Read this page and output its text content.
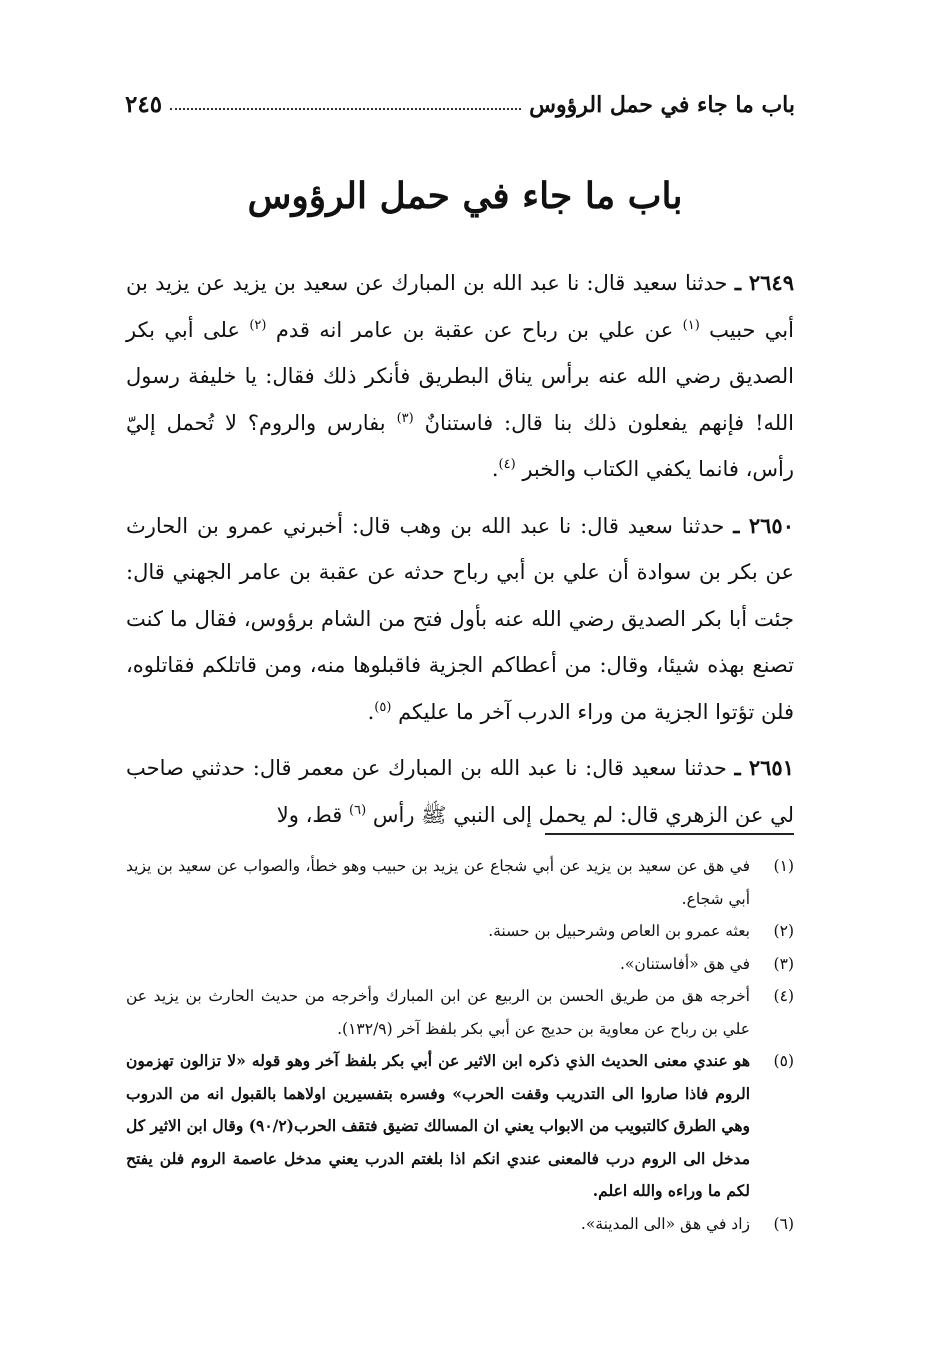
باب ما جاء في حمل الرؤوس
٢٤٥
باب ما جاء في حمل الرؤوس

٢٦٤٩ ـ حدثنا سعيد قال: نا عبد الله بن المبارك عن سعيد بن يزيد عن يزيد بن أبي حبيب $^{(١)}$ عن علي بن رباح عن عقبة بن عامر انه قدم $^{(٢)}$ على أبي بكر الصديق رضي الله عنه برأس يناق البطريق فأنكر ذلك فقال: يا خليفة رسول الله! فإنهم يفعلون ذلك بنا قال: فاستنانٌ $^{(٣)}$ بفارس والروم؟ لا تُحمل إليّ رأس، فانما يكفي الكتاب والخبر $^{(٤)}$.

٢٦٥٠ ـ حدثنا سعيد قال: نا عبد الله بن وهب قال: أخبرني عمرو بن الحارث عن بكر بن سوادة أن علي بن أبي رباح حدثه عن عقبة بن عامر الجهني قال: جئت أبا بكر الصديق رضي الله عنه بأول فتح من الشام برؤوس، فقال ما كنت تصنع بهذه شيئا، وقال: من أعطاكم الجزية فاقبلوها منه، ومن قاتلكم فقاتلوه، فلن تؤتوا الجزية من وراء الدرب آخر ما عليكم $^{(٥)}$.

٢٦٥١ ـ حدثنا سعيد قال: نا عبد الله بن المبارك عن معمر قال: حدثني صاحب لي عن الزهري قال: لم يحمل إلى النبي ﷺ رأس $^{(٦)}$ قط، ولا

(١)
في هق عن سعيد بن يزيد عن أبي شجاع عن يزيد بن حبيب وهو خطأ، والصواب عن سعيد بن يزيد أبي شجاع.
(٢)
بعثه عمرو بن العاص وشرحبيل بن حسنة.
(٣)
في هق «أفاستنان».
(٤)
أخرجه هق من طريق الحسن بن الربيع عن ابن المبارك وأخرجه من حديث الحارث بن يزيد عن علي بن رباح عن معاوية بن حديج عن أبي بكر بلفظ آخر (١٣٢/٩).
(٥)
هو عندي معنى الحديث الذي ذكره ابن الاثير عن أبي بكر بلفظ آخر وهو قوله «لا تزالون تهزمون الروم فاذا صاروا الى التدريب وقفت الحرب» وفسره بتفسيرين اولاهما بالقبول انه من الدروب وهي الطرق كالتبويب من الابواب يعني ان المسالك تضيق فتقف الحرب(٩٠/٢) وقال ابن الاثير كل مدخل الى الروم درب فالمعنى عندي انكم اذا بلغتم الدرب يعني مدخل عاصمة الروم فلن يفتح لكم ما وراءه والله اعلم.
(٦)
زاد في هق «الى المدينة».
